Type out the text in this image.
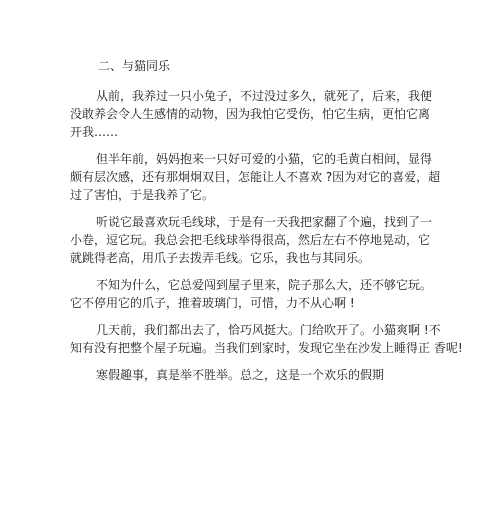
二、与猫同乐
从前，我养过一只小兔子，不过没过多久，就死了，后来，我便
没敢养会令人生感情的动物，因为我怕它受伤，怕它生病，更怕它离
开我……
但半年前，妈妈抱来一只好可爱的小猫，它的毛黄白相间，显得
颇有层次感，还有那炯炯双目，怎能让人不喜欢 ?因为对它的喜爱，超
过了害怕，于是我养了它。
听说它最喜欢玩毛线球，于是有一天我把家翻了个遍，找到了一
小卷，逗它玩。我总会把毛线球举得很高，然后左右不停地晃动，它
就跳得老高，用爪子去拨弄毛线。它乐，我也与其同乐。
不知为什么，它总爱闯到屋子里来，院子那么大，还不够它玩。
它不停用它的爪子，推着玻璃门，可惜，力不从心啊 !
几天前，我们都出去了，恰巧风挺大。门给吹开了。小猫爽啊 !不
知有没有把整个屋子玩遍。当我们到家时，发现它坐在沙发上睡得正 香呢!
寒假趣事，真是举不胜举。总之，这是一个欢乐的假期
